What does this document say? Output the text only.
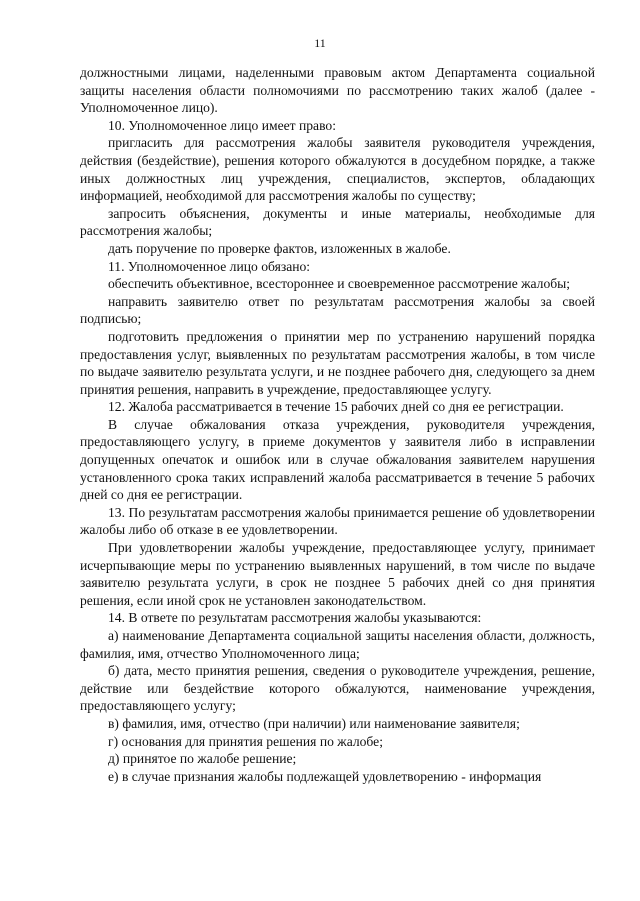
11

должностными лицами, наделенными правовым актом Департамента социальной защиты населения области полномочиями по рассмотрению таких жалоб (далее - Уполномоченное лицо).

10. Уполномоченное лицо имеет право:

пригласить для рассмотрения жалобы заявителя руководителя учреждения, действия (бездействие), решения которого обжалуются в досудебном порядке, а также иных должностных лиц учреждения, специалистов, экспертов, обладающих информацией, необходимой для рассмотрения жалобы по существу;

запросить объяснения, документы и иные материалы, необходимые для рассмотрения жалобы;

дать поручение по проверке фактов, изложенных в жалобе.

11. Уполномоченное лицо обязано:

обеспечить объективное, всестороннее и своевременное рассмотрение жалобы;

направить заявителю ответ по результатам рассмотрения жалобы за своей подписью;

подготовить предложения о принятии мер по устранению нарушений порядка предоставления услуг, выявленных по результатам рассмотрения жалобы, в том числе по выдаче заявителю результата услуги, и не позднее рабочего дня, следующего за днем принятия решения, направить в учреждение, предоставляющее услугу.

12. Жалоба рассматривается в течение 15 рабочих дней со дня ее регистрации.

В случае обжалования отказа учреждения, руководителя учреждения, предоставляющего услугу, в приеме документов у заявителя либо в исправлении допущенных опечаток и ошибок или в случае обжалования заявителем нарушения установленного срока таких исправлений жалоба рассматривается в течение 5 рабочих дней со дня ее регистрации.

13. По результатам рассмотрения жалобы принимается решение об удовлетворении жалобы либо об отказе в ее удовлетворении.

При удовлетворении жалобы учреждение, предоставляющее услугу, принимает исчерпывающие меры по устранению выявленных нарушений, в том числе по выдаче заявителю результата услуги, в срок не позднее 5 рабочих дней со дня принятия решения, если иной срок не установлен законодательством.

14. В ответе по результатам рассмотрения жалобы указываются:

а) наименование Департамента социальной защиты населения области, должность, фамилия, имя, отчество Уполномоченного лица;

б) дата, место принятия решения, сведения о руководителе учреждения, решение, действие или бездействие которого обжалуются, наименование учреждения, предоставляющего услугу;

в) фамилия, имя, отчество (при наличии) или наименование заявителя;

г) основания для принятия решения по жалобе;

д) принятое по жалобе решение;

е) в случае признания жалобы подлежащей удовлетворению - информация
